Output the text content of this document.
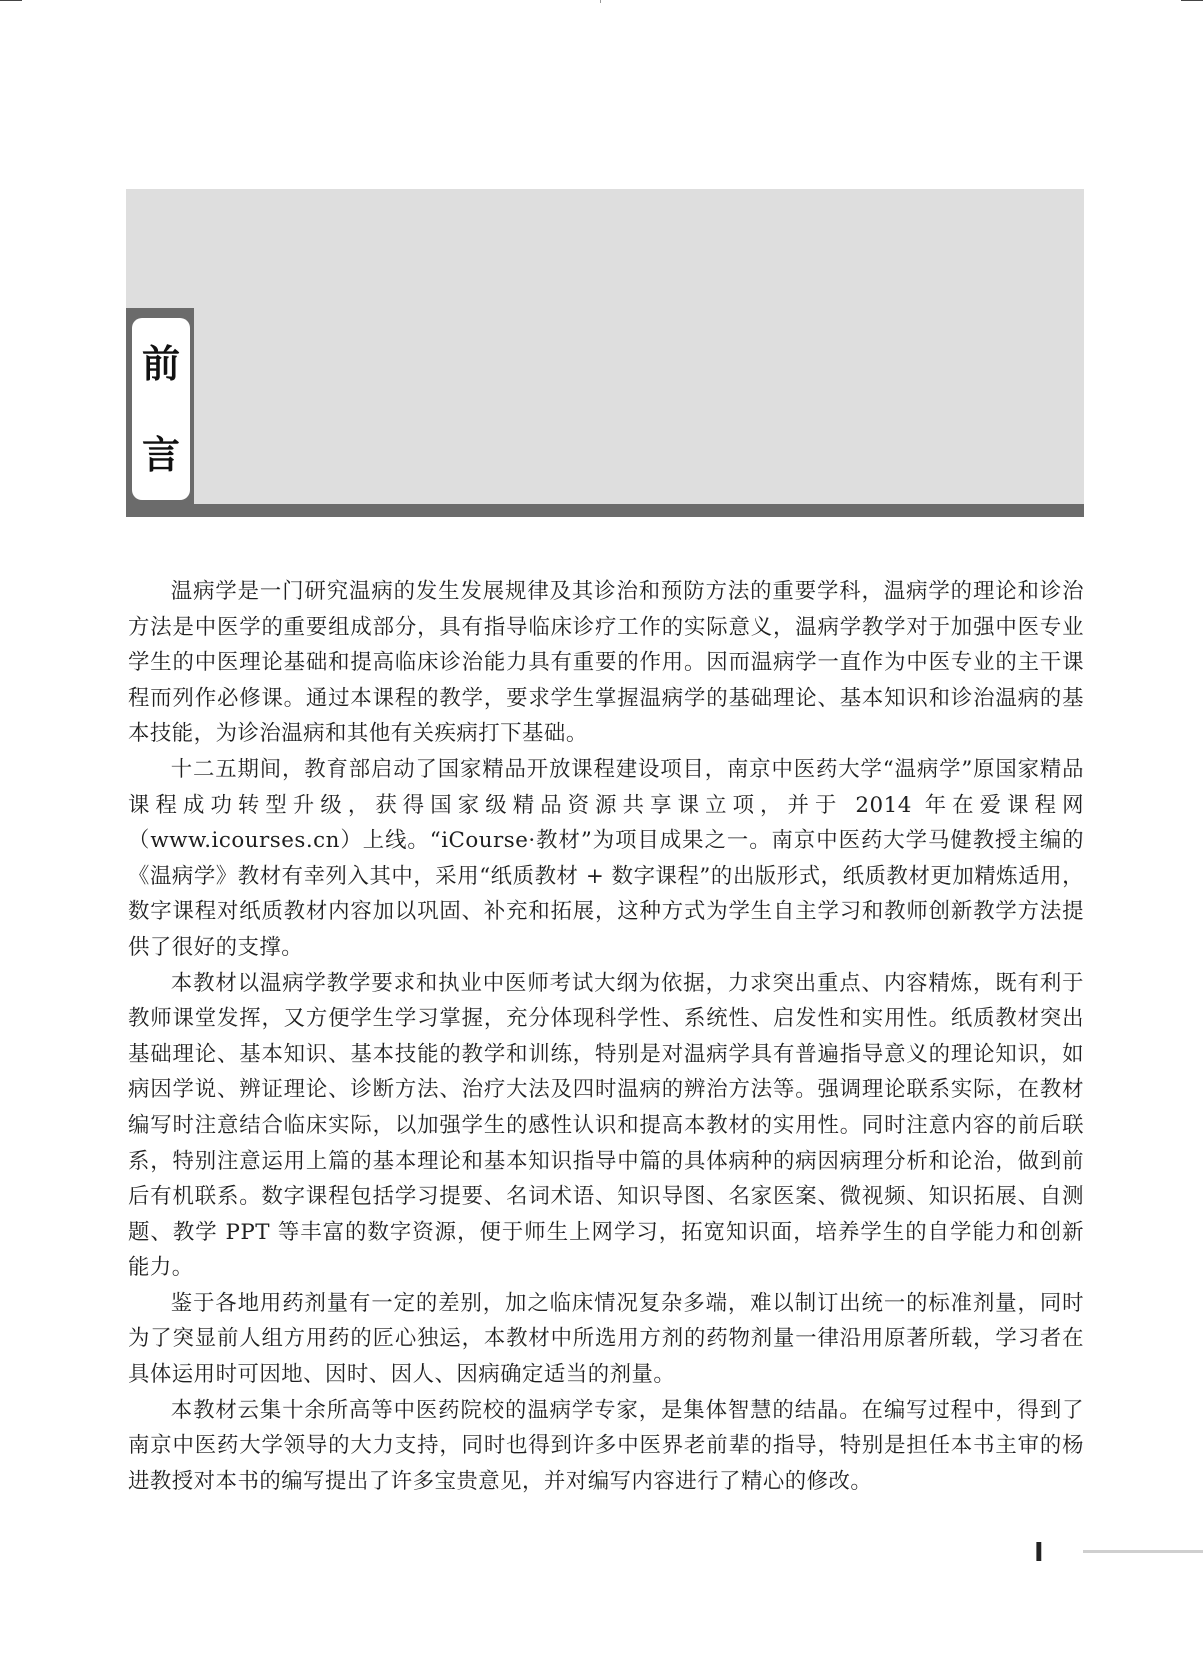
前
言

温病学是一门研究温病的发生发展规律及其诊治和预防方法的重要学科，温病学的理论和诊治方法是中医学的重要组成部分，具有指导临床诊疗工作的实际意义，温病学教学对于加强中医专业学生的中医理论基础和提高临床诊治能力具有重要的作用。因而温病学一直作为中医专业的主干课程而列作必修课。通过本课程的教学，要求学生掌握温病学的基础理论、基本知识和诊治温病的基本技能，为诊治温病和其他有关疾病打下基础。

十二五期间，教育部启动了国家精品开放课程建设项目，南京中医药大学“温病学”原国家精品课程成功转型升级，获得国家级精品资源共享课立项，并于 2014 年在爱课程网（www.icourses.cn）上线。“iCourse·教材”为项目成果之一。南京中医药大学马健教授主编的《温病学》教材有幸列入其中，采用“纸质教材 + 数字课程”的出版形式，纸质教材更加精炼适用，数字课程对纸质教材内容加以巩固、补充和拓展，这种方式为学生自主学习和教师创新教学方法提供了很好的支撑。

本教材以温病学教学要求和执业中医师考试大纲为依据，力求突出重点、内容精炼，既有利于教师课堂发挥，又方便学生学习掌握，充分体现科学性、系统性、启发性和实用性。纸质教材突出基础理论、基本知识、基本技能的教学和训练，特别是对温病学具有普遍指导意义的理论知识，如病因学说、辨证理论、诊断方法、治疗大法及四时温病的辨治方法等。强调理论联系实际，在教材编写时注意结合临床实际，以加强学生的感性认识和提高本教材的实用性。同时注意内容的前后联系，特别注意运用上篇的基本理论和基本知识指导中篇的具体病种的病因病理分析和论治，做到前后有机联系。数字课程包括学习提要、名词术语、知识导图、名家医案、微视频、知识拓展、自测题、教学 PPT 等丰富的数字资源，便于师生上网学习，拓宽知识面，培养学生的自学能力和创新能力。

鉴于各地用药剂量有一定的差别，加之临床情况复杂多端，难以制订出统一的标准剂量，同时为了突显前人组方用药的匠心独运，本教材中所选用方剂的药物剂量一律沿用原著所载，学习者在具体运用时可因地、因时、因人、因病确定适当的剂量。

本教材云集十余所高等中医药院校的温病学专家，是集体智慧的结晶。在编写过程中，得到了南京中医药大学领导的大力支持，同时也得到许多中医界老前辈的指导，特别是担任本书主审的杨进教授对本书的编写提出了许多宝贵意见，并对编写内容进行了精心的修改。

Ⅰ
